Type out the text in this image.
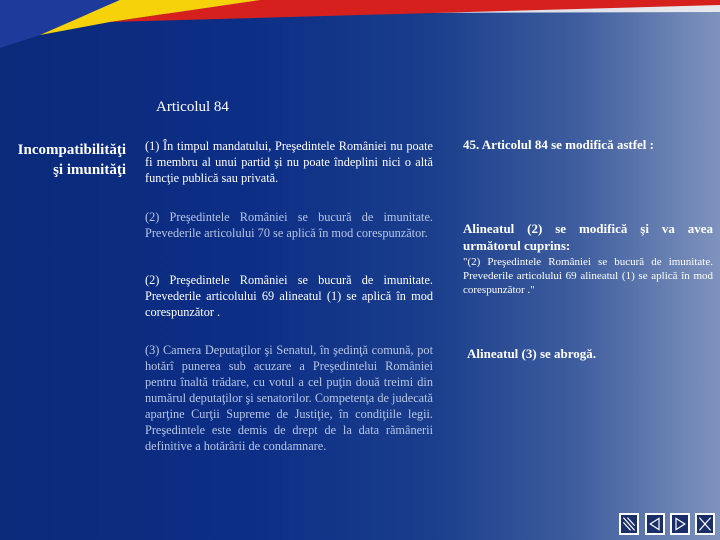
Articolul 84
Incompatibilităţi
şi imunităţi
(1) În timpul mandatului, Preşedintele României nu poate fi membru al unui partid şi nu poate îndeplini nici o altă funcţie publică sau privată.
(2) Preşedintele României se bucură de imunitate. Prevederile articolului 70 se aplică în mod corespunzător.
(2) Preşedintele României se bucură de imunitate. Prevederile articolului 69 alineatul (1) se aplică în mod corespunzător .
(3) Camera Deputaţilor şi Senatul, în şedinţă comună, pot hotărî punerea sub acuzare a Preşedintelui României pentru înaltă trădare, cu votul a cel puţin două treimi din numărul deputaţilor şi senatorilor. Competenţa de judecată aparţine Curţii Supreme de Justiţie, în condiţiile legii. Preşedintele este demis de drept de la data rămânerii definitive a hotărârii de condamnare.
45. Articolul 84 se modifică astfel :
Alineatul (2) se modifică şi va avea următorul cuprins:
"(2) Preşedintele României se bucură de imunitate. Prevederile articolului 69 alineatul (1) se aplică în mod corespunzător ."
Alineatul (3) se abrogă.
